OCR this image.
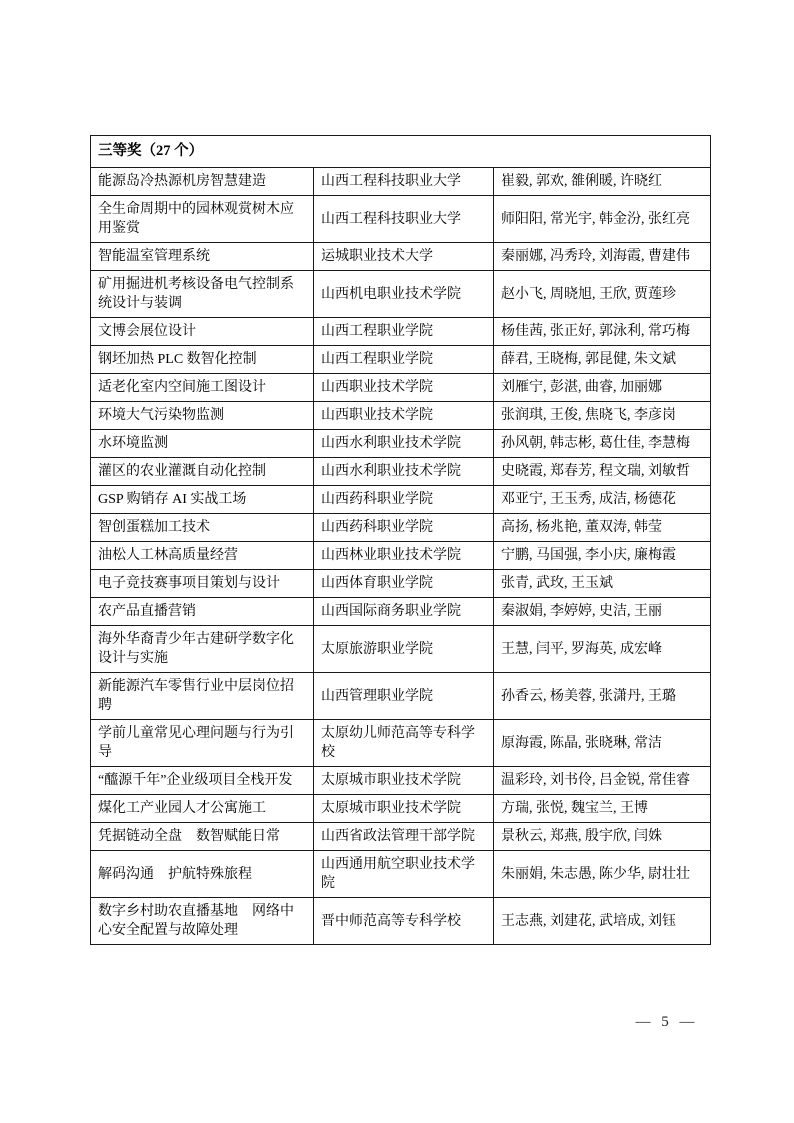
三等奖（27 个）		
能源岛冷热源机房智慧建造	山西工程科技职业大学	崔毅, 郭欢, 雒俐暖, 许晓红
全生命周期中的园林观赏树木应用鉴赏	山西工程科技职业大学	师阳阳, 常光宇, 韩金汾, 张红亮
智能温室管理系统	运城职业技术大学	秦丽娜, 冯秀玲, 刘海霞, 曹建伟
矿用掘进机考核设备电气控制系统设计与装调	山西机电职业技术学院	赵小飞, 周晓旭, 王欣, 贾莲珍
文博会展位设计	山西工程职业学院	杨佳茜, 张正好, 郭泳利, 常巧梅
钢坯加热 PLC 数智化控制	山西工程职业学院	薛君, 王晓梅, 郭昆健, 朱文斌
适老化室内空间施工图设计	山西职业技术学院	刘雁宁, 彭湛, 曲睿, 加丽娜
环境大气污染物监测	山西职业技术学院	张润琪, 王俊, 焦晓飞, 李彦岗
水环境监测	山西水利职业技术学院	孙风朝, 韩志彬, 葛仕佳, 李慧梅
灌区的农业灌溉自动化控制	山西水利职业技术学院	史晓霞, 郑春芳, 程文瑞, 刘敏哲
GSP 购销存 AI 实战工场	山西药科职业学院	邓亚宁, 王玉秀, 成洁, 杨德花
智创蛋糕加工技术	山西药科职业学院	高扬, 杨兆艳, 董双涛, 韩莹
油松人工林高质量经营	山西林业职业技术学院	宁鹏, 马国强, 李小庆, 廉梅霞
电子竞技赛事项目策划与设计	山西体育职业学院	张青, 武玫, 王玉斌
农产品直播营销	山西国际商务职业学院	秦淑娟, 李婷婷, 史洁, 王丽
海外华裔青少年古建研学数字化设计与实施	太原旅游职业学院	王慧, 闫平, 罗海英, 成宏峰
新能源汽车零售行业中层岗位招聘	山西管理职业学院	孙香云, 杨美蓉, 张潇丹, 王璐
学前儿童常见心理问题与行为引导	太原幼儿师范高等专科学校	原海霞, 陈晶, 张晓琳, 常洁
“醯源千年”企业级项目全栈开发	太原城市职业技术学院	温彩玲, 刘书伶, 吕金锐, 常佳睿
煤化工产业园人才公寓施工	太原城市职业技术学院	方瑞, 张悦, 魏宝兰, 王博
凭据链动全盘　数智赋能日常	山西省政法管理干部学院	景秋云, 郑燕, 殷宇欣, 闫姝
解码沟通　护航特殊旅程	山西通用航空职业技术学院	朱丽娟, 朱志愚, 陈少华, 尉壮壮
数字乡村助农直播基地　网络中心安全配置与故障处理	晋中师范高等专科学校	王志燕, 刘建花, 武培成, 刘钰
— 5 —
